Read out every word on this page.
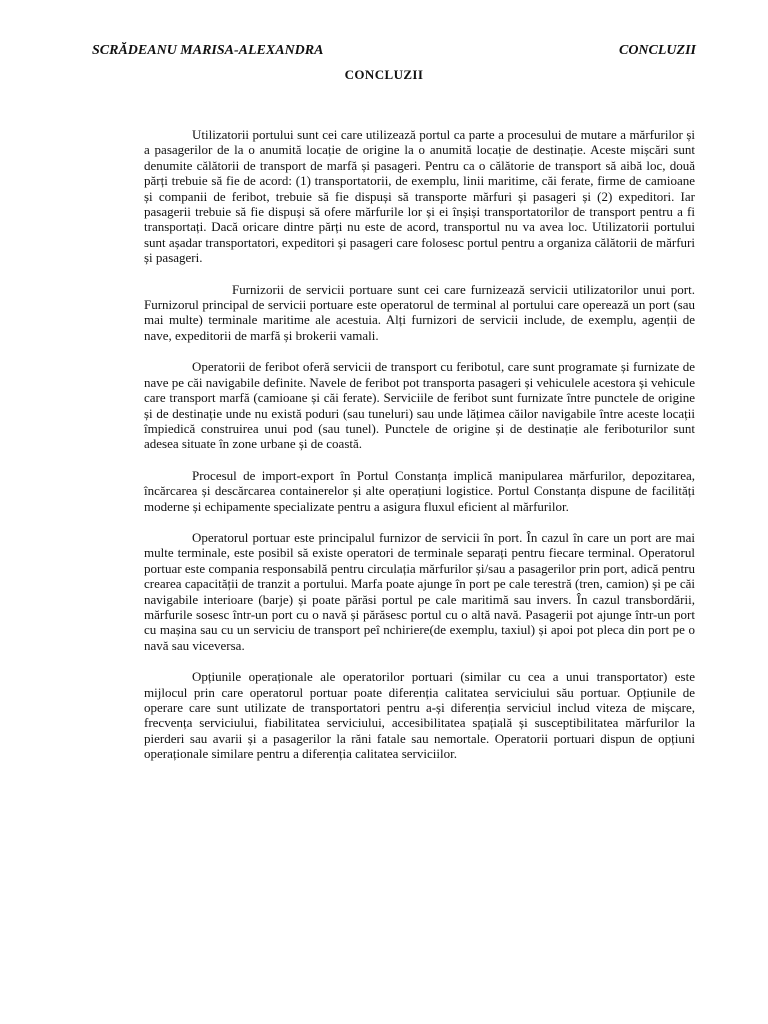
SCRĂDEANU MARISA-ALEXANDRA	CONCLUZII
CONCLUZII

Utilizatorii portului sunt cei care utilizează portul ca parte a procesului de mutare a mărfurilor și a pasagerilor de la o anumită locație de origine la o anumită locație de destinație. Aceste mișcări sunt denumite călătorii de transport de marfă și pasageri. Pentru ca o călătorie de transport să aibă loc, două părți trebuie să fie de acord: (1) transportatorii, de exemplu, linii maritime, căi ferate, firme de camioane și companii de feribot, trebuie să fie dispuși să transporte mărfuri și pasageri și (2) expeditori. Iar pasagerii trebuie să fie dispuși să ofere mărfurile lor și ei înșiși transportatorilor de transport pentru a fi transportați. Dacă oricare dintre părți nu este de acord, transportul nu va avea loc. Utilizatorii portului sunt așadar transportatori, expeditori și pasageri care folosesc portul pentru a organiza călătorii de mărfuri și pasageri.

Furnizorii de servicii portuare sunt cei care furnizează servicii utilizatorilor unui port. Furnizorul principal de servicii portuare este operatorul de terminal al portului care operează un port (sau mai multe) terminale maritime ale acestuia. Alți furnizori de servicii include, de exemplu, agenții de nave, expeditorii de marfă și brokerii vamali.

Operatorii de feribot oferă servicii de transport cu feribotul, care sunt programate și furnizate de nave pe căi navigabile definite. Navele de feribot pot transporta pasageri și vehiculele acestora și vehicule care transport marfă (camioane și căi ferate). Serviciile de feribot sunt furnizate între punctele de origine și de destinație unde nu există poduri (sau tuneluri) sau unde lățimea căilor navigabile între aceste locații împiedică construirea unui pod (sau tunel). Punctele de origine și de destinație ale feriboturilor sunt adesea situate în zone urbane și de coastă.

Procesul de import-export în Portul Constanța implică manipularea mărfurilor, depozitarea, încărcarea și descărcarea containerelor și alte operațiuni logistice. Portul Constanța dispune de facilități moderne și echipamente specializate pentru a asigura fluxul eficient al mărfurilor.

Operatorul portuar este principalul furnizor de servicii în port. În cazul în care un port are mai multe terminale, este posibil să existe operatori de terminale separați pentru fiecare terminal. Operatorul portuar este compania responsabilă pentru circulația mărfurilor și/sau a pasagerilor prin port, adică pentru crearea capacității de tranzit a portului. Marfa poate ajunge în port pe cale terestră (tren, camion) și pe căi navigabile interioare (barje) și poate părăsi portul pe cale maritimă sau invers. În cazul transbordării, mărfurile sosesc într-un port cu o navă și părăsesc portul cu o altă navă. Pasagerii pot ajunge într-un port cu mașina sau cu un serviciu de transport peî nchiriere(de exemplu, taxiul) și apoi pot pleca din port pe o navă sau viceversa.

Opțiunile operaționale ale operatorilor portuari (similar cu cea a unui transportator) este mijlocul prin care operatorul portuar poate diferenția calitatea serviciului său portuar. Opțiunile de operare care sunt utilizate de transportatori pentru a-și diferenția serviciul includ viteza de mișcare, frecvența serviciului, fiabilitatea serviciului, accesibilitatea spațială și susceptibilitatea mărfurilor la pierderi sau avarii și a pasagerilor la răni fatale sau nemortale. Operatorii portuari dispun de opțiuni operaționale similare pentru a diferenția calitatea serviciilor.
